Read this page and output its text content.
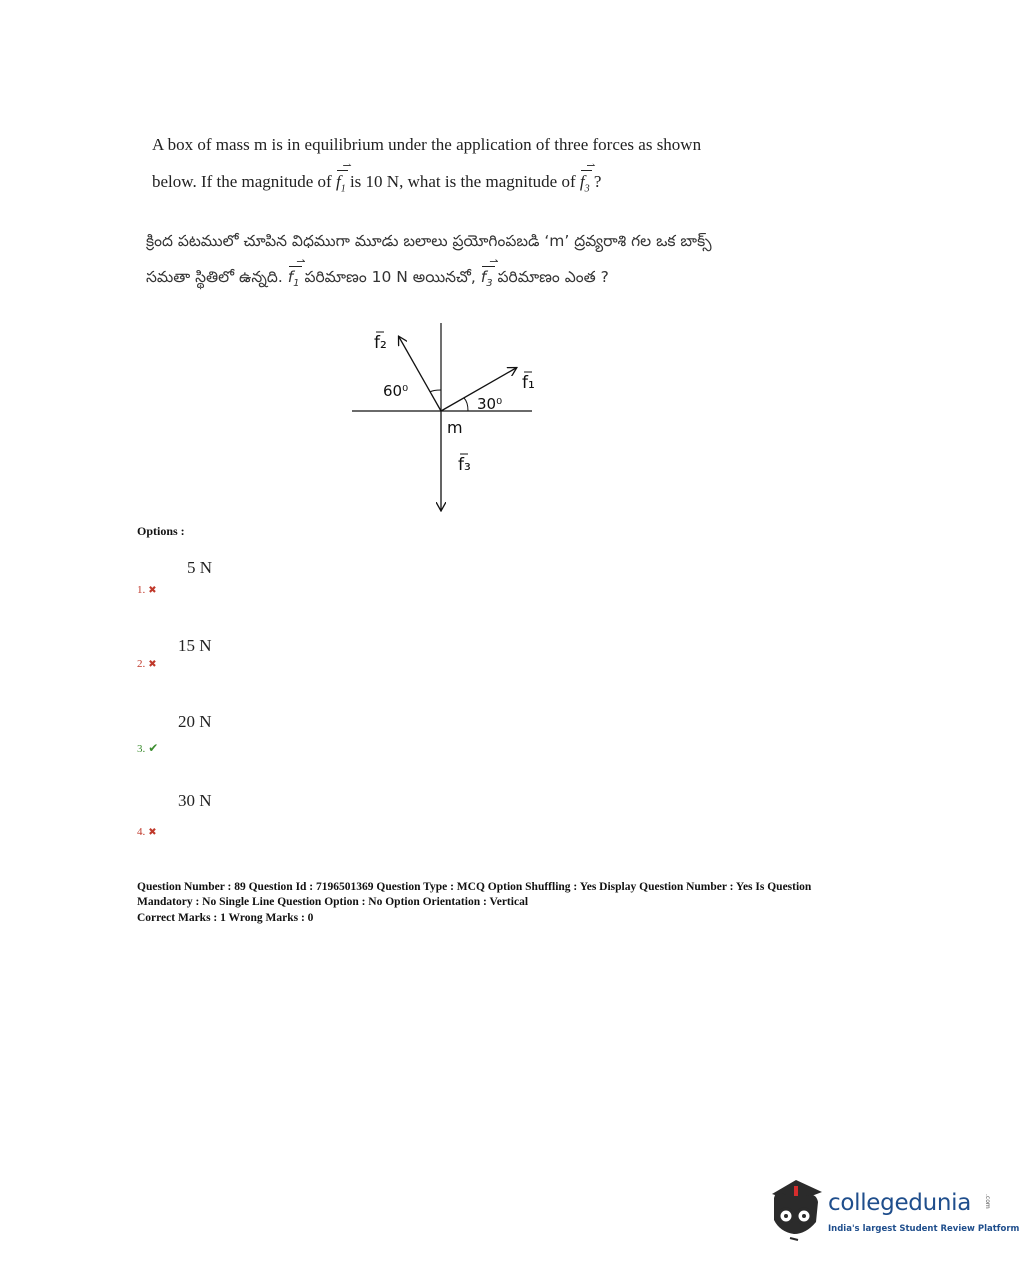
A box of mass m is in equilibrium under the application of three forces as shown
below. If the magnitude of $f_1$ ⇀ is 10 N, what is the magnitude of $f_3$ ⇀ ?
క్రింద పటములో చూపిన విధముగా మూడు బలాలు ప్రయోగింపబడి ‘m’ ద్రవ్యరాశి గల ఒక బాక్స్
సమతా స్థితిలో ఉన్నది. $f_1$ ⇀ పరిమాణం 10 N అయినచో, $f_3$ ⇀ పరిమాణం ఎంత ?
60⁰
30⁰
m
f₂
f₁
f₃
Options :
5 N
1. ✖
15 N
2. ✖
20 N
3. ✔
30 N
4. ✖
Question Number : 89 Question Id : 7196501369 Question Type : MCQ Option Shuffling : Yes Display Question Number : Yes Is Question
Mandatory : No Single Line Question Option : No Option Orientation : Vertical
Correct Marks : 1 Wrong Marks : 0
collegedunia .com
India's largest Student Review Platform
